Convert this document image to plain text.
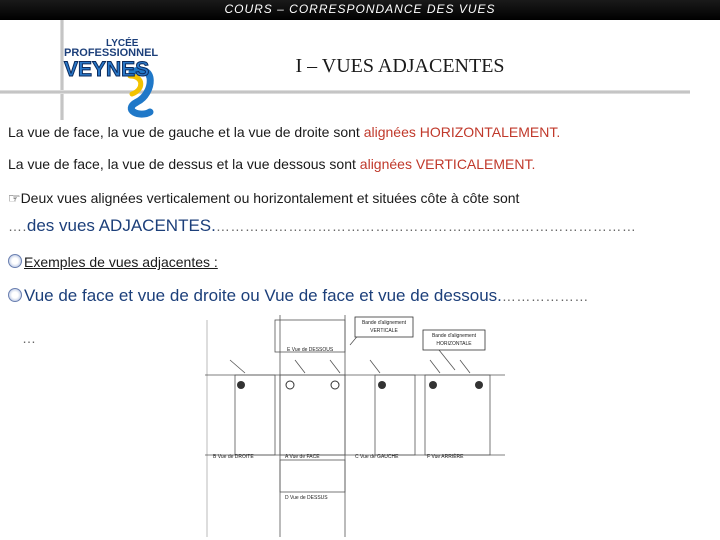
COURS – CORRESPONDANCE DES VUES
LYCÉE
PROFESSIONNEL
VEYNES	I – VUES ADJACENTES
La vue de face, la vue de gauche et la vue de droite sont alignées HORIZONTALEMENT.
La vue de face, la vue de dessus et la vue dessous sont alignées VERTICALEMENT.
☞Deux vues alignées verticalement ou horizontalement et situées côte à côte sont
….des vues ADJACENTES.……………………………………………………………………………
Exemples de vues adjacentes :
Vue de face et vue de droite ou Vue de face et vue de dessous.………………
…
Bande d'alignement
VERTICALE
Bande d'alignement
HORIZONTALE
E Vue de DESSOUS
B Vue de DROITE	A Vue de FACE	C Vue de GAUCHE	F Vue ARRIÈRE
D Vue de DESSUS
